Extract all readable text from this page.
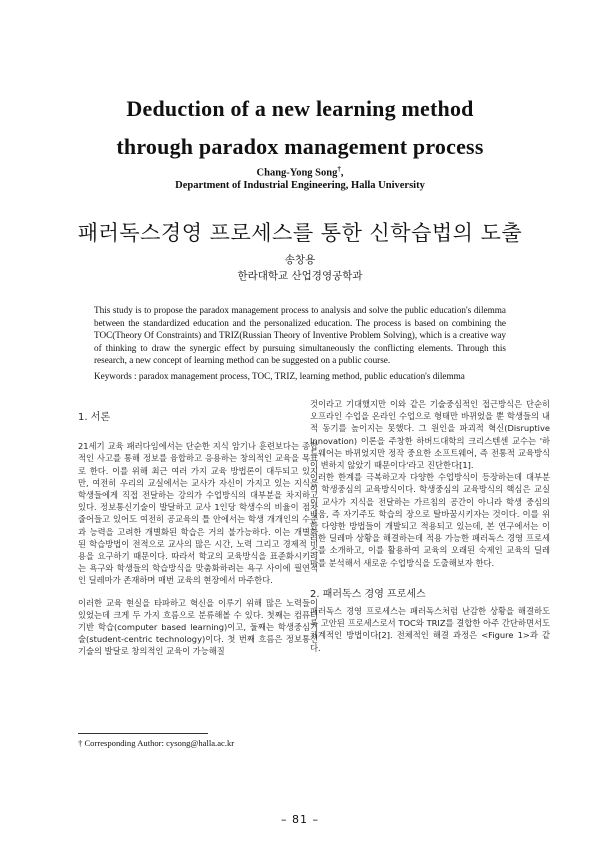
Deduction of a new learning method
through paradox management process
Chang-Yong Song†,
Department of Industrial Engineering, Halla University
패러독스경영 프로세스를 통한 신학습법의 도출
송창용
한라대학교 산업경영공학과
This study is to propose the paradox management process to analysis and solve the public education's dilemma between the standardized education and the personalized education. The process is based on combining the TOC(Theory Of Constraints) and TRIZ(Russian Theory of Inventive Problem Solving), which is a creative way of thinking to draw the synergic effect by pursuing simultaneously the conflicting elements. Through this research, a new concept of learning method can be suggested on a public course.
Keywords : paradox management process, TOC, TRIZ, learning method, public education's dilemma
1. 서론

21세기 교육 패러다임에서는 단순한 지식 암기나 훈련보다는 종합적인 사고를 통해 정보를 융합하고 응용하는 창의적인 교육을 목표로 한다. 이를 위해 최근 여러 가지 교육 방법론이 대두되고 있지만, 여전히 우리의 교실에서는 교사가 자신이 가지고 있는 지식을 학생들에게 직접 전달하는 강의가 수업방식의 대부분을 차지하고 있다. 정보통신기술이 발달하고 교사 1인당 학생수의 비율이 점차 줄어들고 있어도 여전히 공교육의 틀 안에서는 학생 개개인의 수준과 능력을 고려한 개별화된 학습은 거의 불가능하다. 이는 개별화된 학습방법이 전적으로 교사의 많은 시간, 노력 그리고 경제적 비용을 요구하기 때문이다. 따라서 학교의 교육방식을 표준화시키려는 욕구와 학생들의 학습방식을 맞춤화하려는 욕구 사이에 필연적인 딜레마가 존재하며 매번 교육의 현장에서 마주한다.

이러한 교육 현실을 타파하고 혁신을 이루기 위해 많은 노력들이 있었는데 크게 두 가지 흐름으로 분류해볼 수 있다. 첫째는 컴퓨터 기반 학습(computer based learning)이고, 둘째는 학생중심기술(student-centric technology)이다. 첫 번째 흐름은 정보통신기술의 발달로 창의적인 교육이 가능해질

것이라고 기대했지만 이와 같은 기술중심적인 접근방식은 단순히 오프라인 수업을 온라인 수업으로 형태만 바뀌었을 뿐 학생들의 내적 동기를 높이지는 못했다. 그 원인을 파괴적 혁신(Disruptive Innovation) 이론을 주창한 하버드대학의 크리스텐센 교수는 '하드웨어는 바뀌었지만 정작 중요한 소프트웨어, 즉 전통적 교육방식이 변하지 않았기 때문이다'라고 진단한다[1].

이러한 한계를 극복하고자 다양한 수업방식이 등장하는데 대부분이 학생중심의 교육방식이다. 학생중심의 교육방식의 핵심은 교실이 교사가 지식을 전달하는 가르침의 공간이 아니라 학생 중심의 배움, 즉 자기주도 학습의 장으로 탈바꿈시키자는 것이다. 이를 위한 다양한 방법들이 개발되고 적용되고 있는데, 본 연구에서는 이러한 딜레마 상황을 해결하는데 적용 가능한 패러독스 경영 프로세스를 소개하고, 이를 활용하여 교육의 오래된 숙제인 교육의 딜레마를 분석해서 새로운 수업방식을 도출해보자 한다.

2. 패러독스 경영 프로세스

패러독스 경영 프로세스는 패러독스처럼 난감한 상황을 해결하도록 고안된 프로세스로서 TOC와 TRIZ를 결합한 아주 간단하면서도 체계적인 방법이다[2]. 전체적인 해결 과정은 <Figure 1>과 같다.

† Corresponding Author: cysong@halla.ac.kr
– 81 –
